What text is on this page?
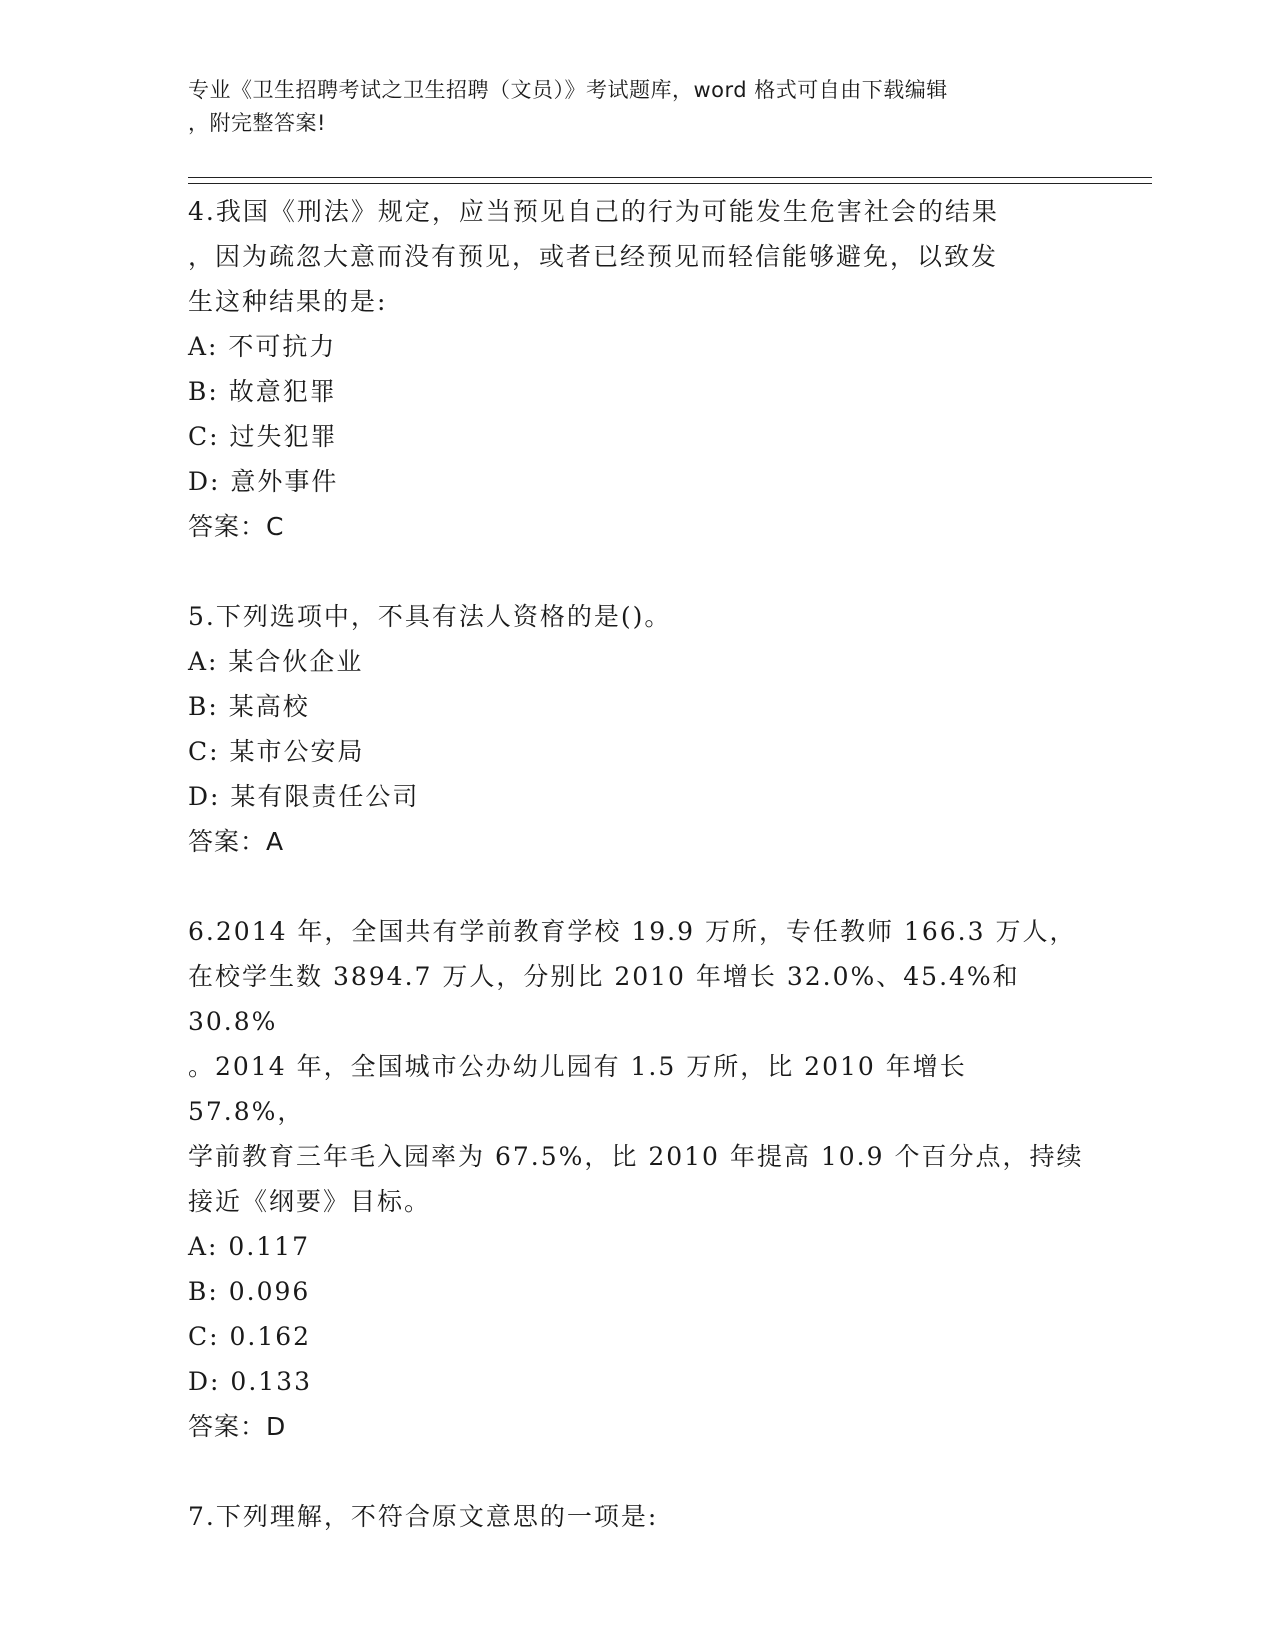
专业《卫生招聘考试之卫生招聘（文员）》考试题库，word 格式可自由下载编辑
，附完整答案!
4.我国《刑法》规定，应当预见自己的行为可能发生危害社会的结果
，因为疏忽大意而没有预见，或者已经预见而轻信能够避免，以致发
生这种结果的是:
A: 不可抗力
B: 故意犯罪
C: 过失犯罪
D: 意外事件
答案：C
5.下列选项中，不具有法人资格的是()。
A: 某合伙企业
B: 某高校
C: 某市公安局
D: 某有限责任公司
答案：A
6.2014 年，全国共有学前教育学校 19.9 万所，专任教师 166.3 万人，
在校学生数 3894.7 万人，分别比 2010 年增长 32.0%、45.4%和 30.8%
。2014 年，全国城市公办幼儿园有 1.5 万所，比 2010 年增长 57.8%，
学前教育三年毛入园率为 67.5%，比 2010 年提高 10.9 个百分点，持续
接近《纲要》目标。
A: 0.117
B: 0.096
C: 0.162
D: 0.133
答案：D
7.下列理解，不符合原文意思的一项是:
